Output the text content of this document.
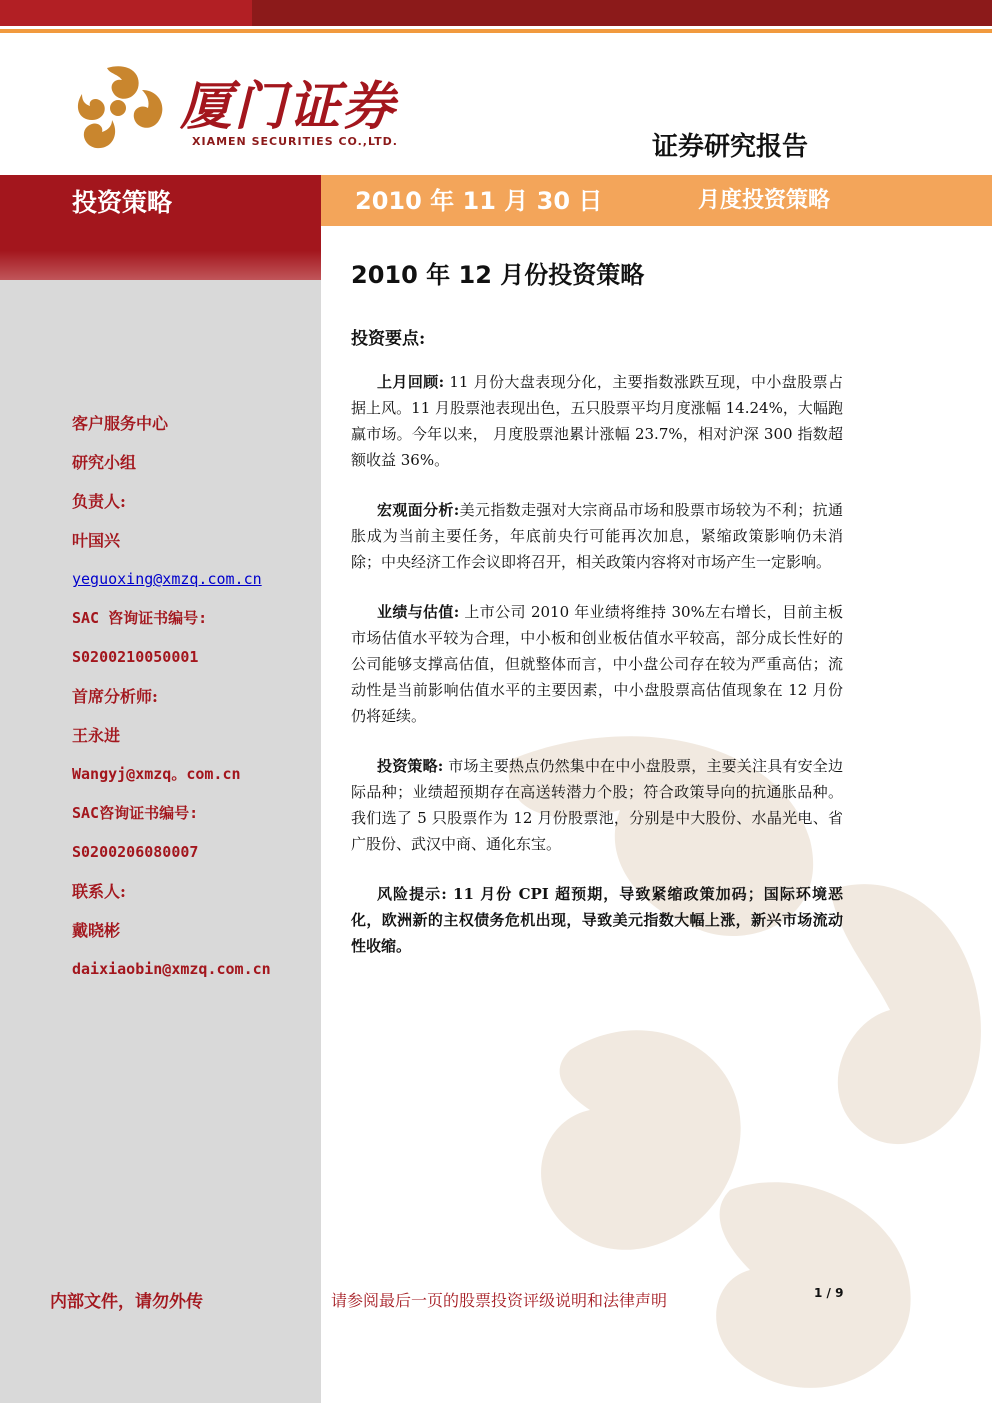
厦门证券
XIAMEN SECURITIES CO.,LTD.	证券研究报告
投资策略	2010 年 11 月 30 日	月度投资策略
客户服务中心
研究小组
负责人:
叶国兴
yeguoxing@xmzq.com.cn
SAC 咨询证书编号:
S0200210050001
首席分析师:
王永进
Wangyj@xmzq。com.cn
SAC咨询证书编号:
S0200206080007
联系人:
戴晓彬
daixiaobin@xmzq.com.cn
2010 年 12 月份投资策略
投资要点:

上月回顾: 11 月份大盘表现分化，主要指数涨跌互现，中小盘股票占据上风。11 月股票池表现出色，五只股票平均月度涨幅 14.24%，大幅跑赢市场。今年以来， 月度股票池累计涨幅 23.7%，相对沪深 300 指数超额收益 36%。

宏观面分析:美元指数走强对大宗商品市场和股票市场较为不利；抗通胀成为当前主要任务，年底前央行可能再次加息，紧缩政策影响仍未消除；中央经济工作会议即将召开，相关政策内容将对市场产生一定影响。

业绩与估值: 上市公司 2010 年业绩将维持 30%左右增长，目前主板市场估值水平较为合理，中小板和创业板估值水平较高，部分成长性好的公司能够支撑高估值，但就整体而言，中小盘公司存在较为严重高估；流动性是当前影响估值水平的主要因素，中小盘股票高估值现象在 12 月份仍将延续。

投资策略: 市场主要热点仍然集中在中小盘股票，主要关注具有安全边际品种；业绩超预期存在高送转潜力个股；符合政策导向的抗通胀品种。我们选了 5 只股票作为 12 月份股票池，分别是中大股份、水晶光电、省广股份、武汉中商、通化东宝。

风险提示: 11 月份 CPI 超预期，导致紧缩政策加码；国际环境恶化，欧洲新的主权债务危机出现，导致美元指数大幅上涨，新兴市场流动性收缩。

内部文件，请勿外传	请参阅最后一页的股票投资评级说明和法律声明	1 / 9
